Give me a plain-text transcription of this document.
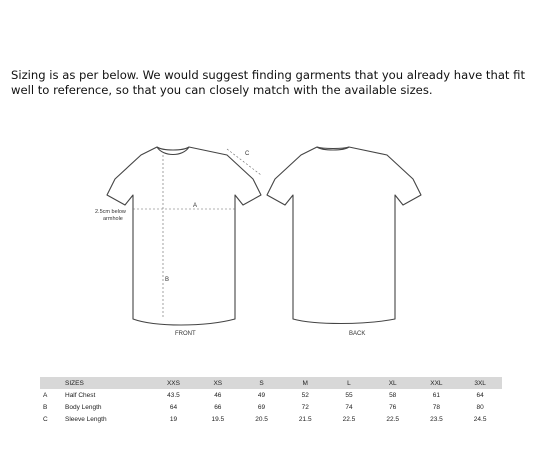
Sizing is as per below. We would suggest finding garments that you already have that fit well to reference, so that you can closely match with the available sizes.
A
B
C
2.5cm below
armhole
FRONT	BACK
	SIZES	XXS	XS	S	M	L	XL	XXL	3XL
A	Half Chest	43.5	46	49	52	55	58	61	64
B	Body Length	64	66	69	72	74	76	78	80
C	Sleeve Length	19	19.5	20.5	21.5	22.5	22.5	23.5	24.5
